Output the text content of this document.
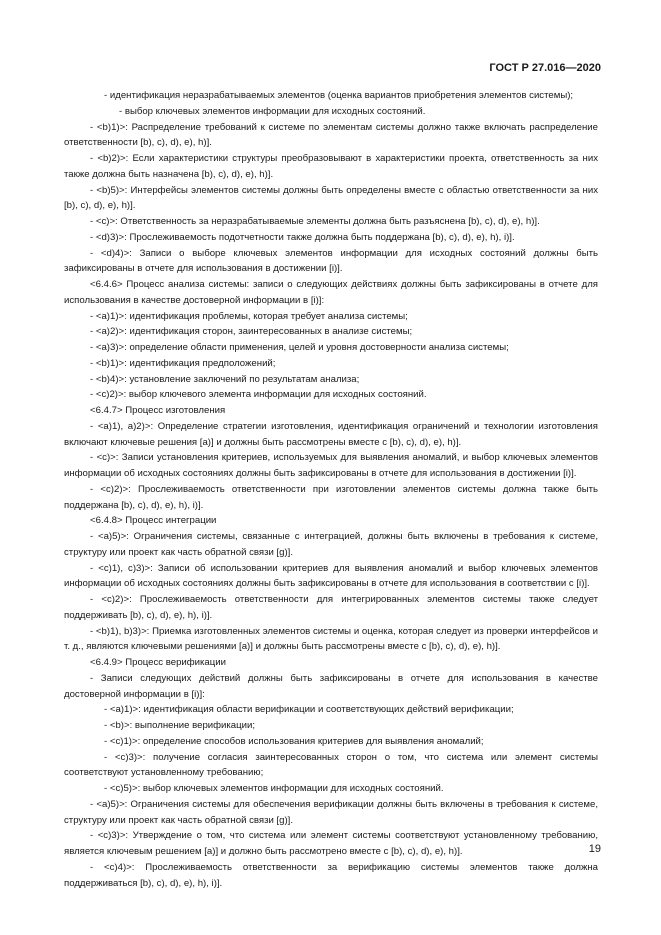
ГОСТ Р 27.016—2020
- идентификация неразрабатываемых элементов (оценка вариантов приобретения элементов системы);
- выбор ключевых элементов информации для исходных состояний.
- <b)1)>: Распределение требований к системе по элементам системы должно также включать распределение ответственности [b), c), d), e), h)].
- <b)2)>: Если характеристики структуры преобразовывают в характеристики проекта, ответственность за них также должна быть назначена [b), c), d), e), h)].
- <b)5)>: Интерфейсы элементов системы должны быть определены вместе с областью ответственности за них [b), c), d), e), h)].
- <c)>: Ответственность за неразрабатываемые элементы должна быть разъяснена [b), c), d), e), h)].
- <d)3)>: Прослеживаемость подотчетности также должна быть поддержана [b), c), d), e), h), i)].
- <d)4)>: Записи о выборе ключевых элементов информации для исходных состояний должны быть зафиксированы в отчете для использования в достижении [i)].
<6.4.6> Процесс анализа системы: записи о следующих действиях должны быть зафиксированы в отчете для использования в качестве достоверной информации в [i)]:
- <a)1)>: идентификация проблемы, которая требует анализа системы;
- <a)2)>: идентификация сторон, заинтересованных в анализе системы;
- <a)3)>: определение области применения, целей и уровня достоверности анализа системы;
- <b)1)>: идентификация предположений;
- <b)4)>: установление заключений по результатам анализа;
- <c)2)>: выбор ключевого элемента информации для исходных состояний.
<6.4.7> Процесс изготовления
- <a)1), a)2)>: Определение стратегии изготовления, идентификация ограничений и технологии изготовления включают ключевые решения [a)] и должны быть рассмотрены вместе с [b), c), d), e), h)].
- <c)>: Записи установления критериев, используемых для выявления аномалий, и выбор ключевых элементов информации об исходных состояниях должны быть зафиксированы в отчете для использования в достижении [i)].
- <c)2)>: Прослеживаемость ответственности при изготовлении элементов системы должна также быть поддержана [b), c), d), e), h), i)].
<6.4.8> Процесс интеграции
- <a)5)>: Ограничения системы, связанные с интеграцией, должны быть включены в требования к системе, структуру или проект как часть обратной связи [g)].
- <c)1), c)3)>: Записи об использовании критериев для выявления аномалий и выбор ключевых элементов информации об исходных состояниях должны быть зафиксированы в отчете для использования в соответствии с [i)].
- <c)2)>: Прослеживаемость ответственности для интегрированных элементов системы также следует поддерживать [b), c), d), e), h), i)].
- <b)1), b)3)>: Приемка изготовленных элементов системы и оценка, которая следует из проверки интерфейсов и т. д., являются ключевыми решениями [a)] и должны быть рассмотрены вместе с [b), c), d), e), h)].
<6.4.9> Процесс верификации
- Записи следующих действий должны быть зафиксированы в отчете для использования в качестве достоверной информации в [i)]:
- <a)1)>: идентификация области верификации и соответствующих действий верификации;
- <b)>: выполнение верификации;
- <c)1)>: определение способов использования критериев для выявления аномалий;
- <c)3)>: получение согласия заинтересованных сторон о том, что система или элемент системы соответствуют установленному требованию;
- <c)5)>: выбор ключевых элементов информации для исходных состояний.
- <a)5)>: Ограничения системы для обеспечения верификации должны быть включены в требования к системе, структуру или проект как часть обратной связи [g)].
- <c)3)>: Утверждение о том, что система или элемент системы соответствуют установленному требованию, является ключевым решением [a)] и должно быть рассмотрено вместе с [b), c), d), e), h)].
- <c)4)>: Прослеживаемость ответственности за верификацию системы элементов также должна поддерживаться [b), c), d), e), h), i)].
19
